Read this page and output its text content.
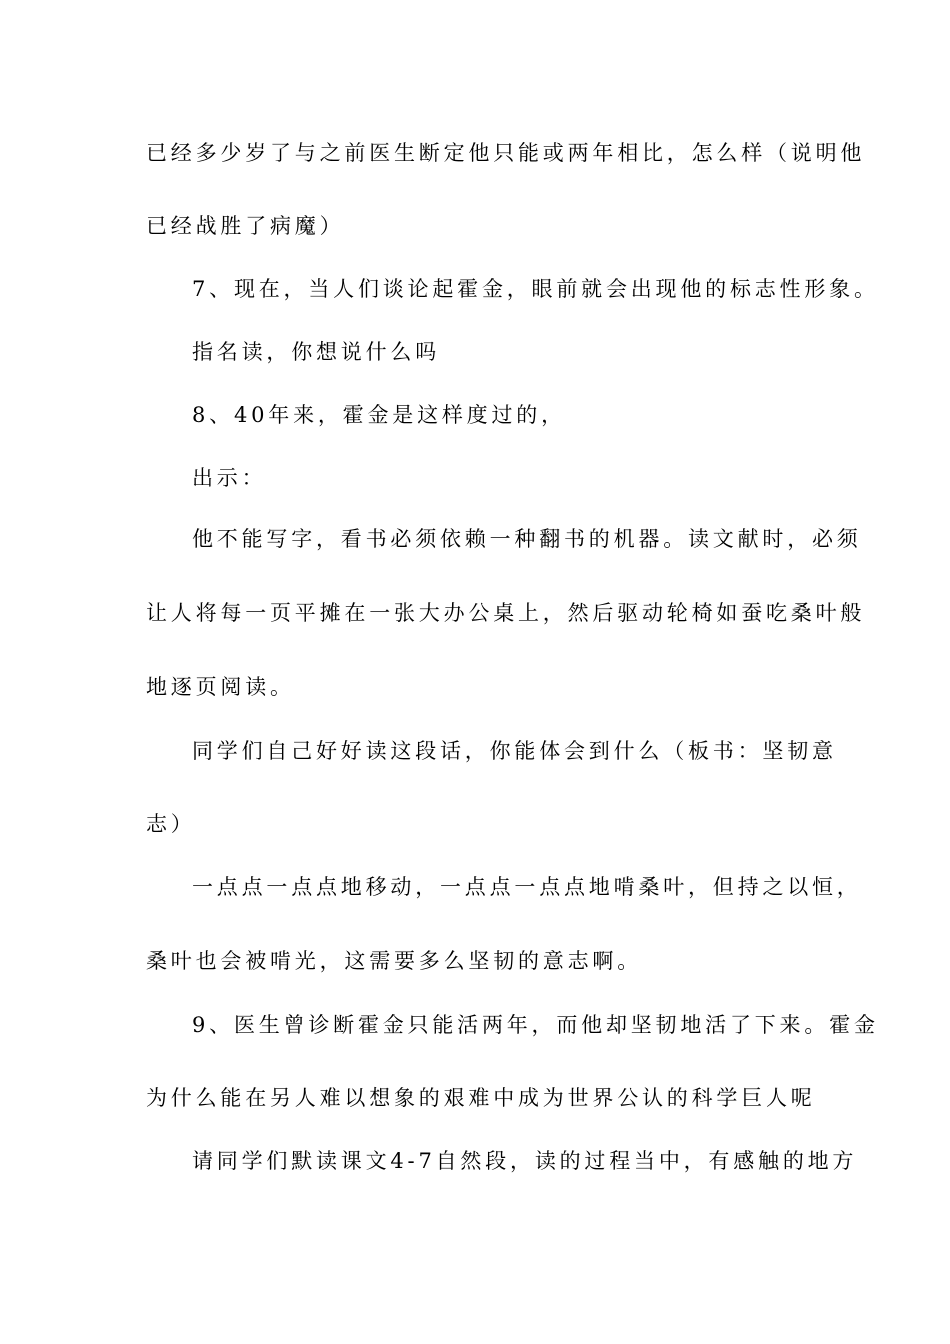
已经多少岁了与之前医生断定他只能或两年相比，怎么样（说明他
已经战胜了病魔）
7、现在，当人们谈论起霍金，眼前就会出现他的标志性形象。
指名读，你想说什么吗
8、40年来，霍金是这样度过的，
出示：
他不能写字，看书必须依赖一种翻书的机器。读文献时，必须
让人将每一页平摊在一张大办公桌上，然后驱动轮椅如蚕吃桑叶般
地逐页阅读。
同学们自己好好读这段话，你能体会到什么（板书：坚韧意
志）
一点点一点点地移动，一点点一点点地啃桑叶，但持之以恒，
桑叶也会被啃光，这需要多么坚韧的意志啊。
9、医生曾诊断霍金只能活两年，而他却坚韧地活了下来。霍金
为什么能在另人难以想象的艰难中成为世界公认的科学巨人呢
请同学们默读课文4-7自然段，读的过程当中，有感触的地方
